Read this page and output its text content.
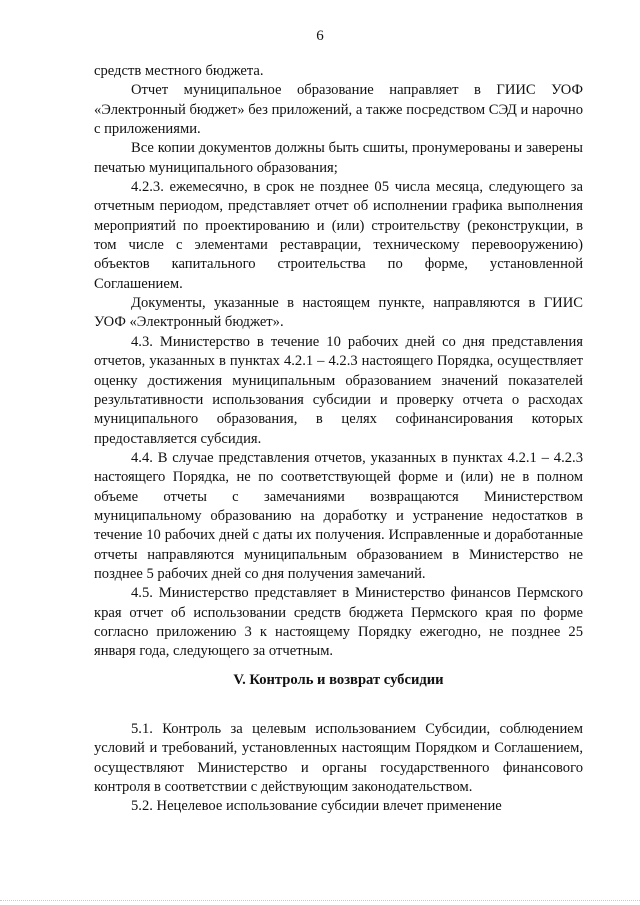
6

средств местного бюджета.

Отчет муниципальное образование направляет в ГИИС УОФ «Электронный бюджет» без приложений, а также посредством СЭД и нарочно с приложениями.

Все копии документов должны быть сшиты, пронумерованы и заверены печатью муниципального образования;

4.2.3. ежемесячно, в срок не позднее 05 числа месяца, следующего за отчетным периодом, представляет отчет об исполнении графика выполнения мероприятий по проектированию и (или) строительству (реконструкции, в том числе с элементами реставрации, техническому перевооружению) объектов капитального строительства по форме, установленной Соглашением.

Документы, указанные в настоящем пункте, направляются в ГИИС УОФ «Электронный бюджет».

4.3. Министерство в течение 10 рабочих дней со дня представления отчетов, указанных в пунктах 4.2.1 – 4.2.3 настоящего Порядка, осуществляет оценку достижения муниципальным образованием значений показателей результативности использования субсидии и проверку отчета о расходах муниципального образования, в целях софинансирования которых предоставляется субсидия.

4.4. В случае представления отчетов, указанных в пунктах 4.2.1 – 4.2.3 настоящего Порядка, не по соответствующей форме и (или) не в полном объеме отчеты с замечаниями возвращаются Министерством муниципальному образованию на доработку и устранение недостатков в течение 10 рабочих дней с даты их получения. Исправленные и доработанные отчеты направляются муниципальным образованием в Министерство не позднее 5 рабочих дней со дня получения замечаний.

4.5. Министерство представляет в Министерство финансов Пермского края отчет об использовании средств бюджета Пермского края по форме согласно приложению 3 к настоящему Порядку ежегодно, не позднее 25 января года, следующего за отчетным.

V. Контроль и возврат субсидии

5.1. Контроль за целевым использованием Субсидии, соблюдением условий и требований, установленных настоящим Порядком и Соглашением, осуществляют Министерство и органы государственного финансового контроля в соответствии с действующим законодательством.

5.2. Нецелевое использование субсидии влечет применение
